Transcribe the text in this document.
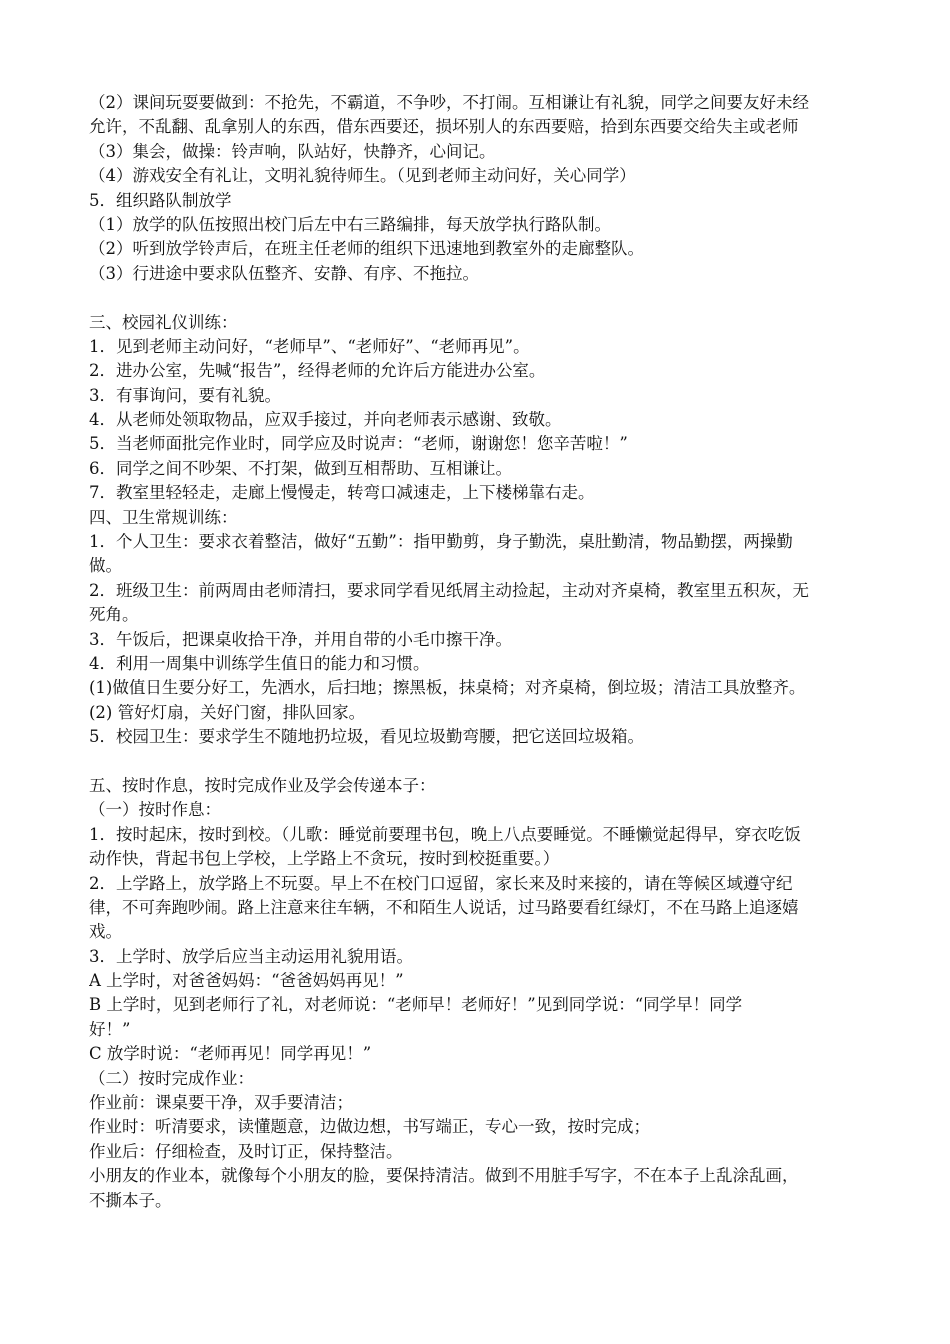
（2）课间玩耍要做到：不抢先，不霸道，不争吵，不打闹。互相谦让有礼貌，同学之间要友好未经
允许，不乱翻、乱拿别人的东西，借东西要还，损坏别人的东西要赔，拾到东西要交给失主或老师
（3）集会，做操：铃声响，队站好，快静齐，心间记。
（4）游戏安全有礼让，文明礼貌待师生。（见到老师主动问好，关心同学）
5．组织路队制放学
（1）放学的队伍按照出校门后左中右三路编排，每天放学执行路队制。
（2）听到放学铃声后，在班主任老师的组织下迅速地到教室外的走廊整队。
（3）行进途中要求队伍整齐、安静、有序、不拖拉。
三、校园礼仪训练：
1．见到老师主动问好，“老师早”、“老师好”、“老师再见”。
2．进办公室，先喊“报告”，经得老师的允许后方能进办公室。
3．有事询问，要有礼貌。
4．从老师处领取物品，应双手接过，并向老师表示感谢、致敬。
5．当老师面批完作业时，同学应及时说声：“老师，谢谢您！您辛苦啦！”
6．同学之间不吵架、不打架，做到互相帮助、互相谦让。
7．教室里轻轻走，走廊上慢慢走，转弯口减速走，上下楼梯靠右走。
四、卫生常规训练：
1．个人卫生：要求衣着整洁，做好“五勤”：指甲勤剪，身子勤洗，桌肚勤清，物品勤摆，两操勤
做。
2．班级卫生：前两周由老师清扫，要求同学看见纸屑主动捡起，主动对齐桌椅，教室里五积灰，无
死角。
3．午饭后，把课桌收拾干净，并用自带的小毛巾擦干净。
4．利用一周集中训练学生值日的能力和习惯。
(1)做值日生要分好工，先洒水，后扫地；擦黑板，抹桌椅；对齐桌椅，倒垃圾；清洁工具放整齐。
(2) 管好灯扇，关好门窗，排队回家。
5．校园卫生：要求学生不随地扔垃圾，看见垃圾勤弯腰，把它送回垃圾箱。
五、按时作息，按时完成作业及学会传递本子：
（一）按时作息：
1．按时起床，按时到校。（儿歌：睡觉前要理书包，晚上八点要睡觉。不睡懒觉起得早，穿衣吃饭
动作快，背起书包上学校，上学路上不贪玩，按时到校挺重要。）
2．上学路上，放学路上不玩耍。早上不在校门口逗留，家长来及时来接的，请在等候区域遵守纪
律，不可奔跑吵闹。路上注意来往车辆，不和陌生人说话，过马路要看红绿灯，不在马路上追逐嬉
戏。
3．上学时、放学后应当主动运用礼貌用语。
A 上学时，对爸爸妈妈：“爸爸妈妈再见！”
B 上学时，见到老师行了礼，对老师说：“老师早！老师好！”见到同学说：“同学早！同学
好！”
C 放学时说：“老师再见！同学再见！”
（二）按时完成作业：
作业前：课桌要干净，双手要清洁；
作业时：听清要求，读懂题意，边做边想，书写端正，专心一致，按时完成；
作业后：仔细检查，及时订正，保持整洁。
小朋友的作业本，就像每个小朋友的脸，要保持清洁。做到不用脏手写字，不在本子上乱涂乱画，
不撕本子。
